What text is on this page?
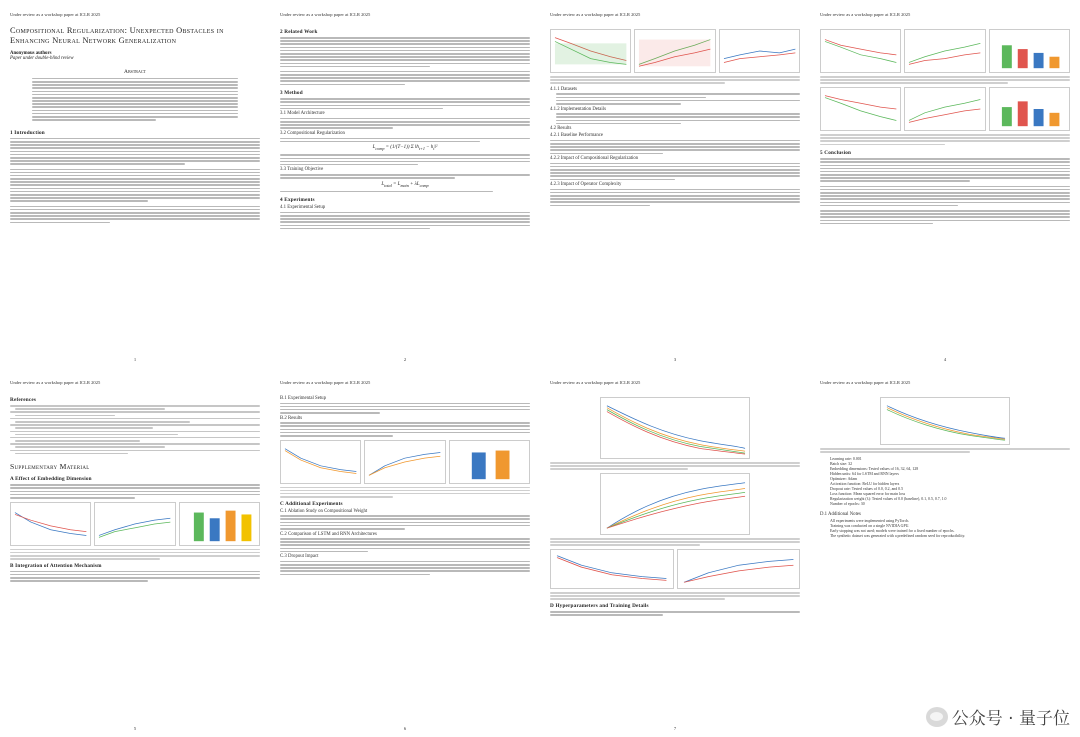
Under review as a workshop paper at ICLR 2025
Compositional Regularization: Unexpected Obstacles in Enhancing Neural Network Generalization
Anonymous authors
Paper under double-blind review
Abstract
1 Introduction
1
Under review as a workshop paper at ICLR 2025
2 Related Work
3 Method
3.1 Model Architecture
3.2 Compositional Regularization
$L_{comp} = (1/(T-1))$ Σ $‖h_{t+1}$ − $h_t‖^2$
3.3 Training Objective
$L_{total} = L_{main} + \lambda L_{comp}$
4 Experiments
4.1 Experimental Setup
2
Under review as a workshop paper at ICLR 2025
4.1.1 Datasets
4.1.2 Implementation Details
4.2 Results
4.2.1 Baseline Performance
4.2.2 Impact of Compositional Regularization
4.2.3 Impact of Operator Complexity
3
Under review as a workshop paper at ICLR 2025
5 Conclusion
4
Under review as a workshop paper at ICLR 2025
References
Supplementary Material
A Effect of Embedding Dimension
B Integration of Attention Mechanism
5
Under review as a workshop paper at ICLR 2025
B.1 Experimental Setup
B.2 Results
C Additional Experiments
C.1 Ablation Study on Compositional Weight
C.2 Comparison of LSTM and RNN Architectures
C.3 Dropout Impact
6
Under review as a workshop paper at ICLR 2025
D Hyperparameters and Training Details
7
Under review as a workshop paper at ICLR 2025
Learning rate: 0.001
Batch size: 32
Embedding dimensions: Tested values of 16, 32, 64, 128
Hidden units: 64 for LSTM and RNN layers
Optimizer: Adam
Activation function: ReLU for hidden layers
Dropout rate: Tested values of 0.0, 0.2, and 0.5
Loss function: Mean squared error for main loss
Regularization weight (λ): Tested values of 0.0 (baseline), 0.1, 0.5, 0.7, 1.0
Number of epochs: 30
D.1 Additional Notes
All experiments were implemented using PyTorch.
Training was conducted on a single NVIDIA GPU.
Early stopping was not used; models were trained for a fixed number of epochs.
The synthetic dataset was generated with a predefined random seed for reproducibility.
公众号 · 量子位
